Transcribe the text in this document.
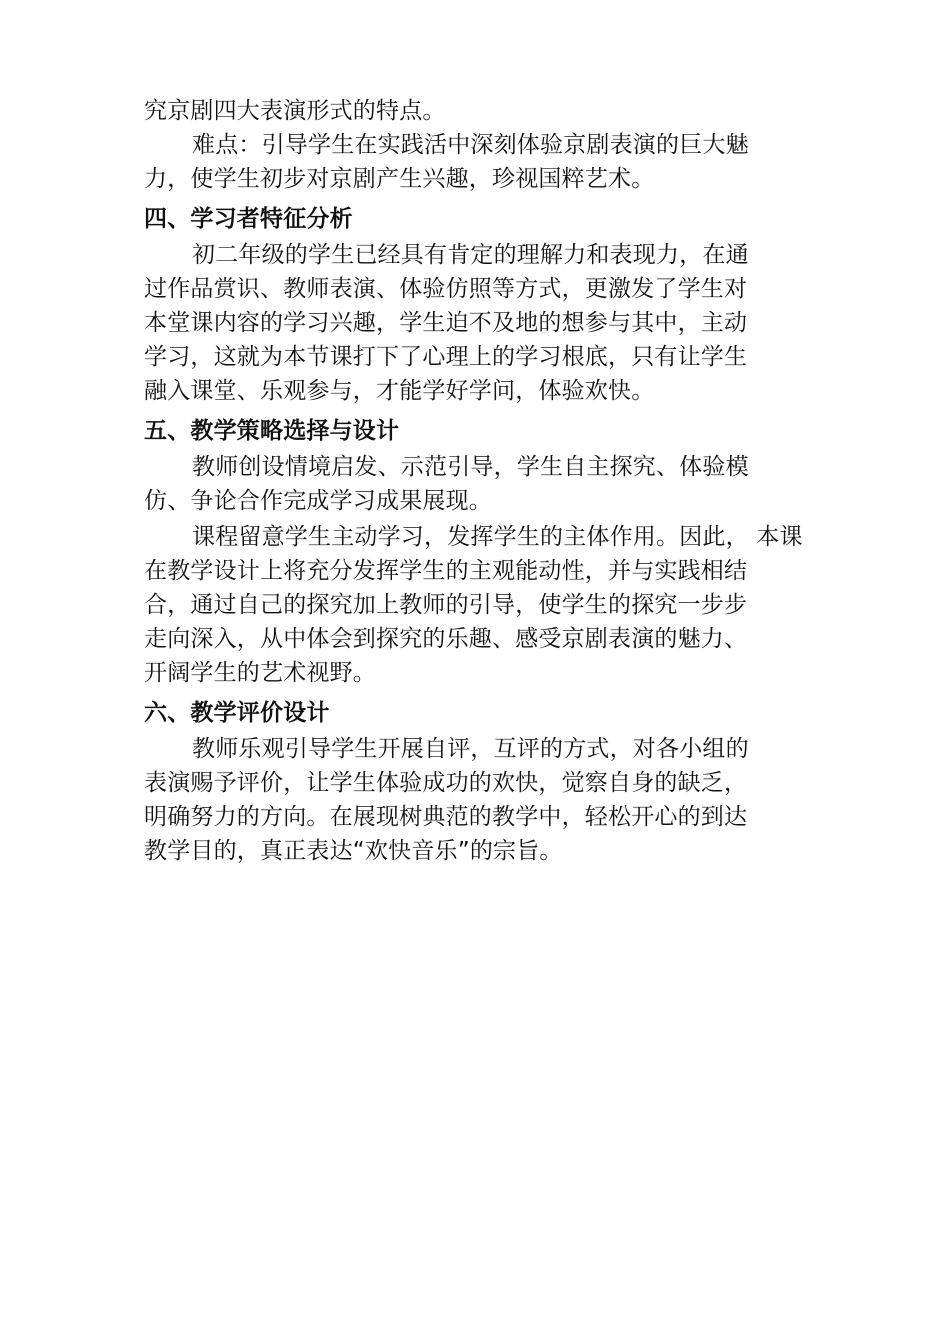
究京剧四大表演形式的特点。
难点：引导学生在实践活中深刻体验京剧表演的巨大魅
力，使学生初步对京剧产生兴趣，珍视国粹艺术。
四、学习者特征分析
初二年级的学生已经具有肯定的理解力和表现力，在通
过作品赏识、教师表演、体验仿照等方式，更激发了学生对
本堂课内容的学习兴趣，学生迫不及地的想参与其中，主动
学习，这就为本节课打下了心理上的学习根底，只有让学生
融入课堂、乐观参与，才能学好学问，体验欢快。
五、教学策略选择与设计
教师创设情境启发、示范引导，学生自主探究、体验模
仿、争论合作完成学习成果展现。
课程留意学生主动学习，发挥学生的主体作用。因此， 本课
在教学设计上将充分发挥学生的主观能动性，并与实践相结
合，通过自己的探究加上教师的引导，使学生的探究一步步
走向深入，从中体会到探究的乐趣、感受京剧表演的魅力、
开阔学生的艺术视野。
六、教学评价设计
教师乐观引导学生开展自评，互评的方式，对各小组的
表演赐予评价，让学生体验成功的欢快，觉察自身的缺乏，
明确努力的方向。在展现树典范的教学中，轻松开心的到达
教学目的，真正表达“欢快音乐”的宗旨。
